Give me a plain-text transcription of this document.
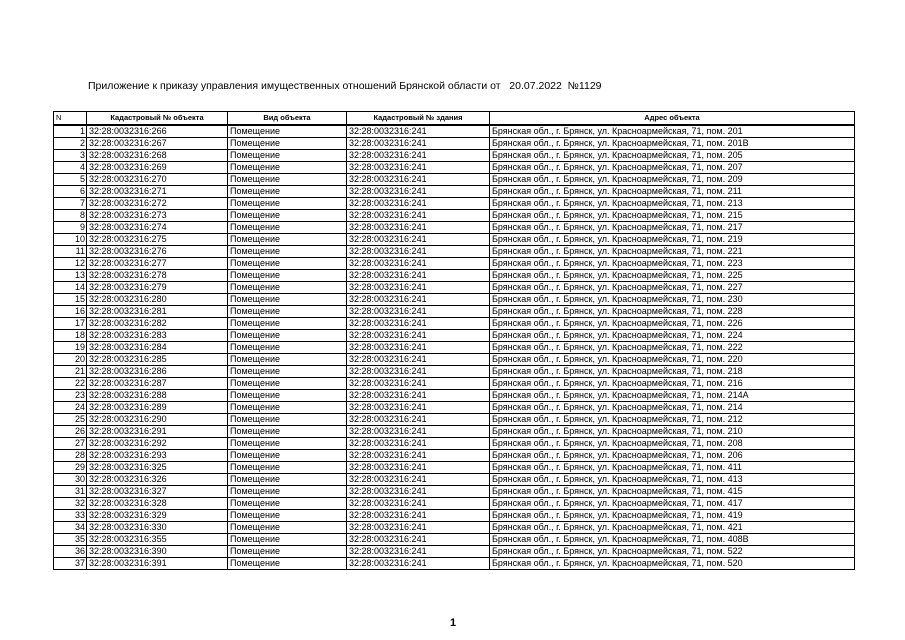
Приложение к приказу управления имущественных отношений Брянской области от   20.07.2022  №1129
N	Кадастровый № объекта	Вид объекта	Кадастровый № здания	Адрес объекта
1	32:28:0032316:266	Помещение	32:28:0032316:241	Брянская обл., г. Брянск, ул. Красноармейская, 71, пом. 201
2	32:28:0032316:267	Помещение	32:28:0032316:241	Брянская обл., г. Брянск, ул. Красноармейская, 71, пом. 201В
3	32:28:0032316:268	Помещение	32:28:0032316:241	Брянская обл., г. Брянск, ул. Красноармейская, 71, пом. 205
4	32:28:0032316:269	Помещение	32:28:0032316:241	Брянская обл., г. Брянск, ул. Красноармейская, 71, пом. 207
5	32:28:0032316:270	Помещение	32:28:0032316:241	Брянская обл., г. Брянск, ул. Красноармейская, 71, пом. 209
6	32:28:0032316:271	Помещение	32:28:0032316:241	Брянская обл., г. Брянск, ул. Красноармейская, 71, пом. 211
7	32:28:0032316:272	Помещение	32:28:0032316:241	Брянская обл., г. Брянск, ул. Красноармейская, 71, пом. 213
8	32:28:0032316:273	Помещение	32:28:0032316:241	Брянская обл., г. Брянск, ул. Красноармейская, 71, пом. 215
9	32:28:0032316:274	Помещение	32:28:0032316:241	Брянская обл., г. Брянск, ул. Красноармейская, 71, пом. 217
10	32:28:0032316:275	Помещение	32:28:0032316:241	Брянская обл., г. Брянск, ул. Красноармейская, 71, пом. 219
11	32:28:0032316:276	Помещение	32:28:0032316:241	Брянская обл., г. Брянск, ул. Красноармейская, 71, пом. 221
12	32:28:0032316:277	Помещение	32:28:0032316:241	Брянская обл., г. Брянск, ул. Красноармейская, 71, пом. 223
13	32:28:0032316:278	Помещение	32:28:0032316:241	Брянская обл., г. Брянск, ул. Красноармейская, 71, пом. 225
14	32:28:0032316:279	Помещение	32:28:0032316:241	Брянская обл., г. Брянск, ул. Красноармейская, 71, пом. 227
15	32:28:0032316:280	Помещение	32:28:0032316:241	Брянская обл., г. Брянск, ул. Красноармейская, 71, пом. 230
16	32:28:0032316:281	Помещение	32:28:0032316:241	Брянская обл., г. Брянск, ул. Красноармейская, 71, пом. 228
17	32:28:0032316:282	Помещение	32:28:0032316:241	Брянская обл., г. Брянск, ул. Красноармейская, 71, пом. 226
18	32:28:0032316:283	Помещение	32:28:0032316:241	Брянская обл., г. Брянск, ул. Красноармейская, 71, пом. 224
19	32:28:0032316:284	Помещение	32:28:0032316:241	Брянская обл., г. Брянск, ул. Красноармейская, 71, пом. 222
20	32:28:0032316:285	Помещение	32:28:0032316:241	Брянская обл., г. Брянск, ул. Красноармейская, 71, пом. 220
21	32:28:0032316:286	Помещение	32:28:0032316:241	Брянская обл., г. Брянск, ул. Красноармейская, 71, пом. 218
22	32:28:0032316:287	Помещение	32:28:0032316:241	Брянская обл., г. Брянск, ул. Красноармейская, 71, пом. 216
23	32:28:0032316:288	Помещение	32:28:0032316:241	Брянская обл., г. Брянск, ул. Красноармейская, 71, пом. 214А
24	32:28:0032316:289	Помещение	32:28:0032316:241	Брянская обл., г. Брянск, ул. Красноармейская, 71, пом. 214
25	32:28:0032316:290	Помещение	32:28:0032316:241	Брянская обл., г. Брянск, ул. Красноармейская, 71, пом. 212
26	32:28:0032316:291	Помещение	32:28:0032316:241	Брянская обл., г. Брянск, ул. Красноармейская, 71, пом. 210
27	32:28:0032316:292	Помещение	32:28:0032316:241	Брянская обл., г. Брянск, ул. Красноармейская, 71, пом. 208
28	32:28:0032316:293	Помещение	32:28:0032316:241	Брянская обл., г. Брянск, ул. Красноармейская, 71, пом. 206
29	32:28:0032316:325	Помещение	32:28:0032316:241	Брянская обл., г. Брянск, ул. Красноармейская, 71, пом. 411
30	32:28:0032316:326	Помещение	32:28:0032316:241	Брянская обл., г. Брянск, ул. Красноармейская, 71, пом. 413
31	32:28:0032316:327	Помещение	32:28:0032316:241	Брянская обл., г. Брянск, ул. Красноармейская, 71, пом. 415
32	32:28:0032316:328	Помещение	32:28:0032316:241	Брянская обл., г. Брянск, ул. Красноармейская, 71, пом. 417
33	32:28:0032316:329	Помещение	32:28:0032316:241	Брянская обл., г. Брянск, ул. Красноармейская, 71, пом. 419
34	32:28:0032316:330	Помещение	32:28:0032316:241	Брянская обл., г. Брянск, ул. Красноармейская, 71, пом. 421
35	32:28:0032316:355	Помещение	32:28:0032316:241	Брянская обл., г. Брянск, ул. Красноармейская, 71, пом. 408В
36	32:28:0032316:390	Помещение	32:28:0032316:241	Брянская обл., г. Брянск, ул. Красноармейская, 71, пом. 522
37	32:28:0032316:391	Помещение	32:28:0032316:241	Брянская обл., г. Брянск, ул. Красноармейская, 71, пом. 520
1
